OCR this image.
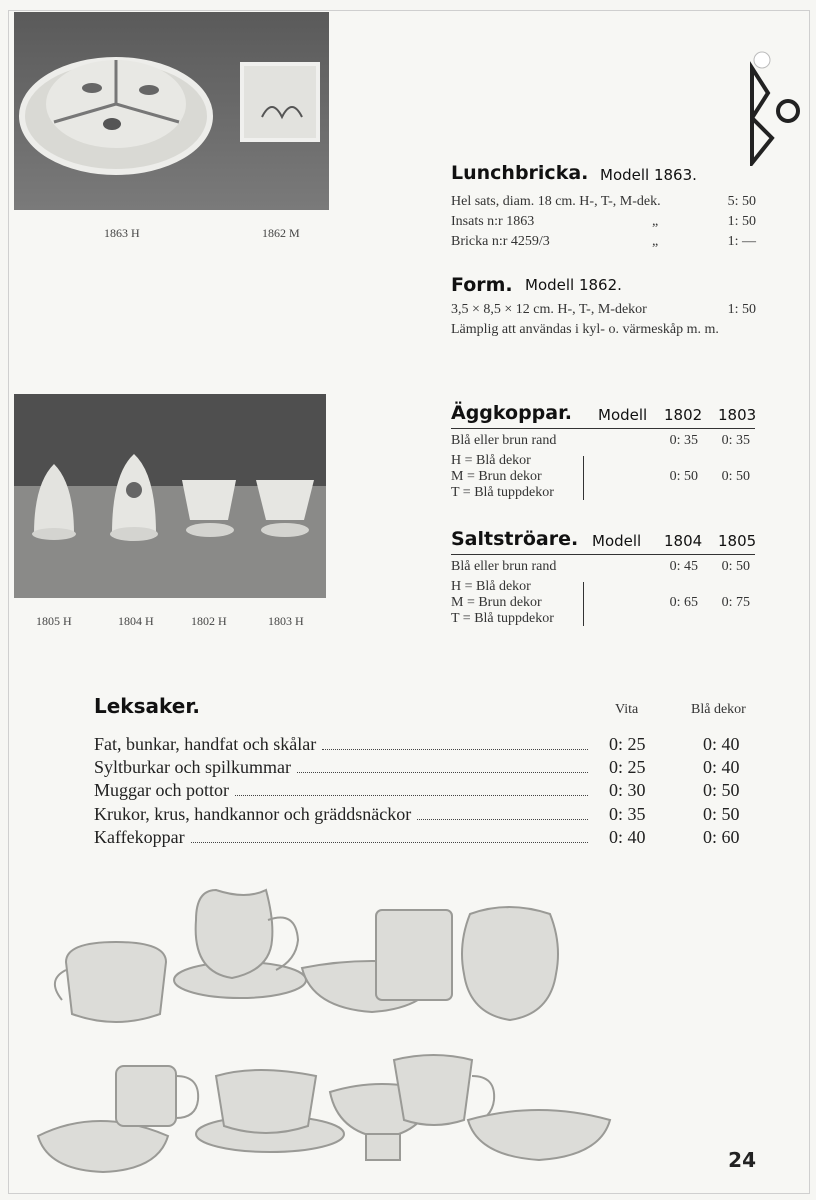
1863 H	1862 M
Lunchbricka. Modell 1863.
Hel sats, diam. 18 cm. H-, T-, M-dek.	5: 50
Insats n:r 1863	„	1: 50
Bricka n:r 4259/3	„	1: —
Form. Modell 1862.
3,5 × 8,5 × 12 cm. H-, T-, M-dekor	1: 50
Lämplig att användas i kyl- o. värmeskåp m. m.
1805 H	1804 H	1802 H	1803 H
Äggkoppar. Modell 1802 1803
Blå eller brun rand	0: 35	0: 35
H = Blå dekor
M = Brun dekor
T = Blå tuppdekor
0: 50	0: 50
Saltströare. Modell 1804 1805
Blå eller brun rand	0: 45	0: 50
H = Blå dekor
M = Brun dekor
T = Blå tuppdekor
0: 65	0: 75
Leksaker.	Vita	Blå dekor
Fat, bunkar, handfat och skålar	0: 25	0: 40
Syltburkar och spilkummar	0: 25	0: 40
Muggar och pottor	0: 30	0: 50
Krukor, krus, handkannor och gräddsnäckor	0: 35	0: 50
Kaffekoppar	0: 40	0: 60
24
